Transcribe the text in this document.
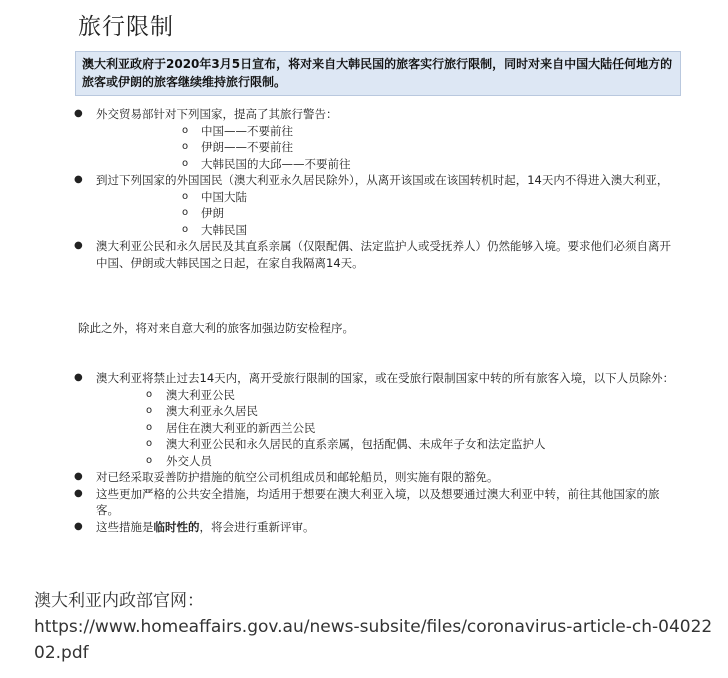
旅行限制
澳大利亚政府于2020年3月5日宣布，将对来自大韩民国的旅客实行旅行限制，同时对来自中国大陆任何地方的旅客或伊朗的旅客继续维持旅行限制。
● 外交贸易部针对下列国家，提高了其旅行警告：
o 中国——不要前往
o 伊朗——不要前往
o 大韩民国的大邱——不要前往
● 到过下列国家的外国国民（澳大利亚永久居民除外），从离开该国或在该国转机时起，14天内不得进入澳大利亚，
o 中国大陆
o 伊朗
o 大韩民国
● 澳大利亚公民和永久居民及其直系亲属（仅限配偶、法定监护人或受抚养人）仍然能够入境。要求他们必须自离开中国、伊朗或大韩民国之日起，在家自我隔离14天。
除此之外，将对来自意大利的旅客加强边防安检程序。
● 澳大利亚将禁止过去14天内，离开受旅行限制的国家，或在受旅行限制国家中转的所有旅客入境，以下人员除外：
o 澳大利亚公民
o 澳大利亚永久居民
o 居住在澳大利亚的新西兰公民
o 澳大利亚公民和永久居民的直系亲属，包括配偶、未成年子女和法定监护人
o 外交人员
● 对已经采取妥善防护措施的航空公司机组成员和邮轮船员，则实施有限的豁免。
● 这些更加严格的公共安全措施，均适用于想要在澳大利亚入境，以及想要通过澳大利亚中转，前往其他国家的旅客。
● 这些措施是临时性的，将会进行重新评审。
澳大利亚内政部官网：
https://www.homeaffairs.gov.au/news-subsite/files/coronavirus-article-ch-0402202.pdf
